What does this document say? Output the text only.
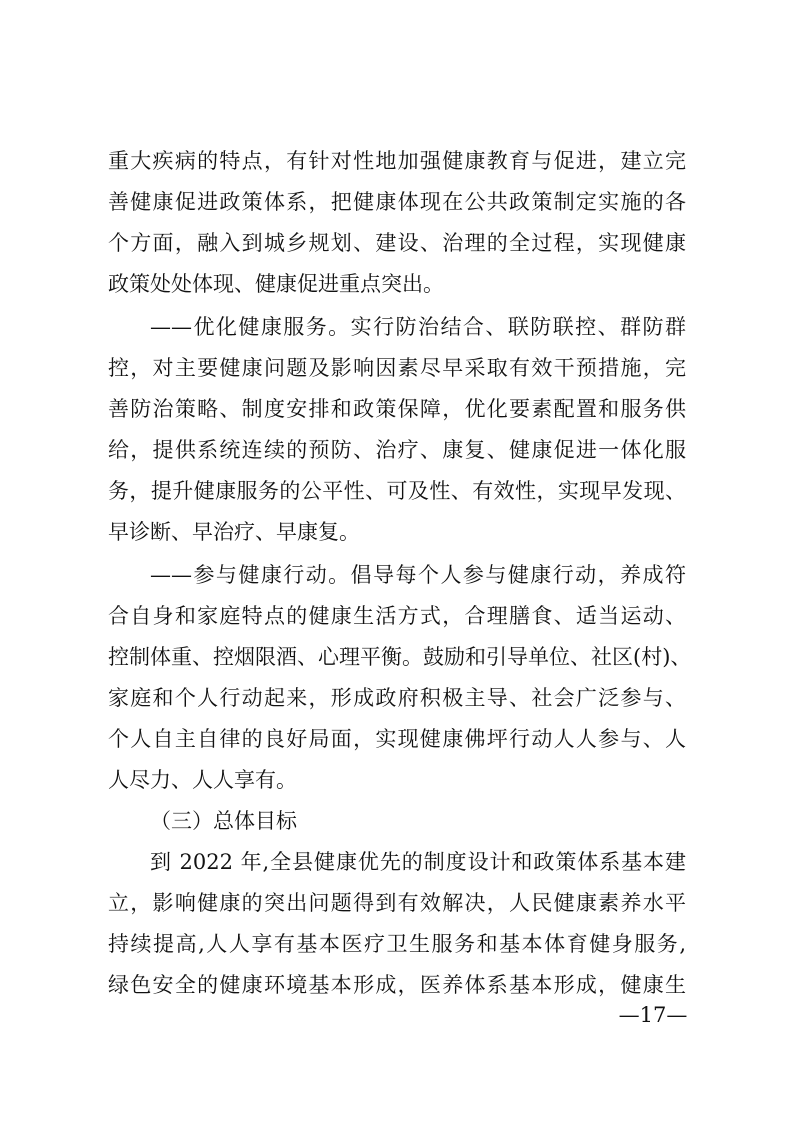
重大疾病的特点，有针对性地加强健康教育与促进，建立完
善健康促进政策体系，把健康体现在公共政策制定实施的各
个方面，融入到城乡规划、建设、治理的全过程，实现健康
政策处处体现、健康促进重点突出。
——优化健康服务。实行防治结合、联防联控、群防群
控，对主要健康问题及影响因素尽早采取有效干预措施，完
善防治策略、制度安排和政策保障，优化要素配置和服务供
给，提供系统连续的预防、治疗、康复、健康促进一体化服
务，提升健康服务的公平性、可及性、有效性，实现早发现、
早诊断、早治疗、早康复。
——参与健康行动。倡导每个人参与健康行动，养成符
合自身和家庭特点的健康生活方式，合理膳食、适当运动、
控制体重、控烟限酒、心理平衡。鼓励和引导单位、社区(村)、
家庭和个人行动起来，形成政府积极主导、社会广泛参与、
个人自主自律的良好局面，实现健康佛坪行动人人参与、人
人尽力、人人享有。
（三）总体目标
到 2022 年,全县健康优先的制度设计和政策体系基本建
立，影响健康的突出问题得到有效解决，人民健康素养水平
持续提高,人人享有基本医疗卫生服务和基本体育健身服务,
绿色安全的健康环境基本形成，医养体系基本形成，健康生
—17—
